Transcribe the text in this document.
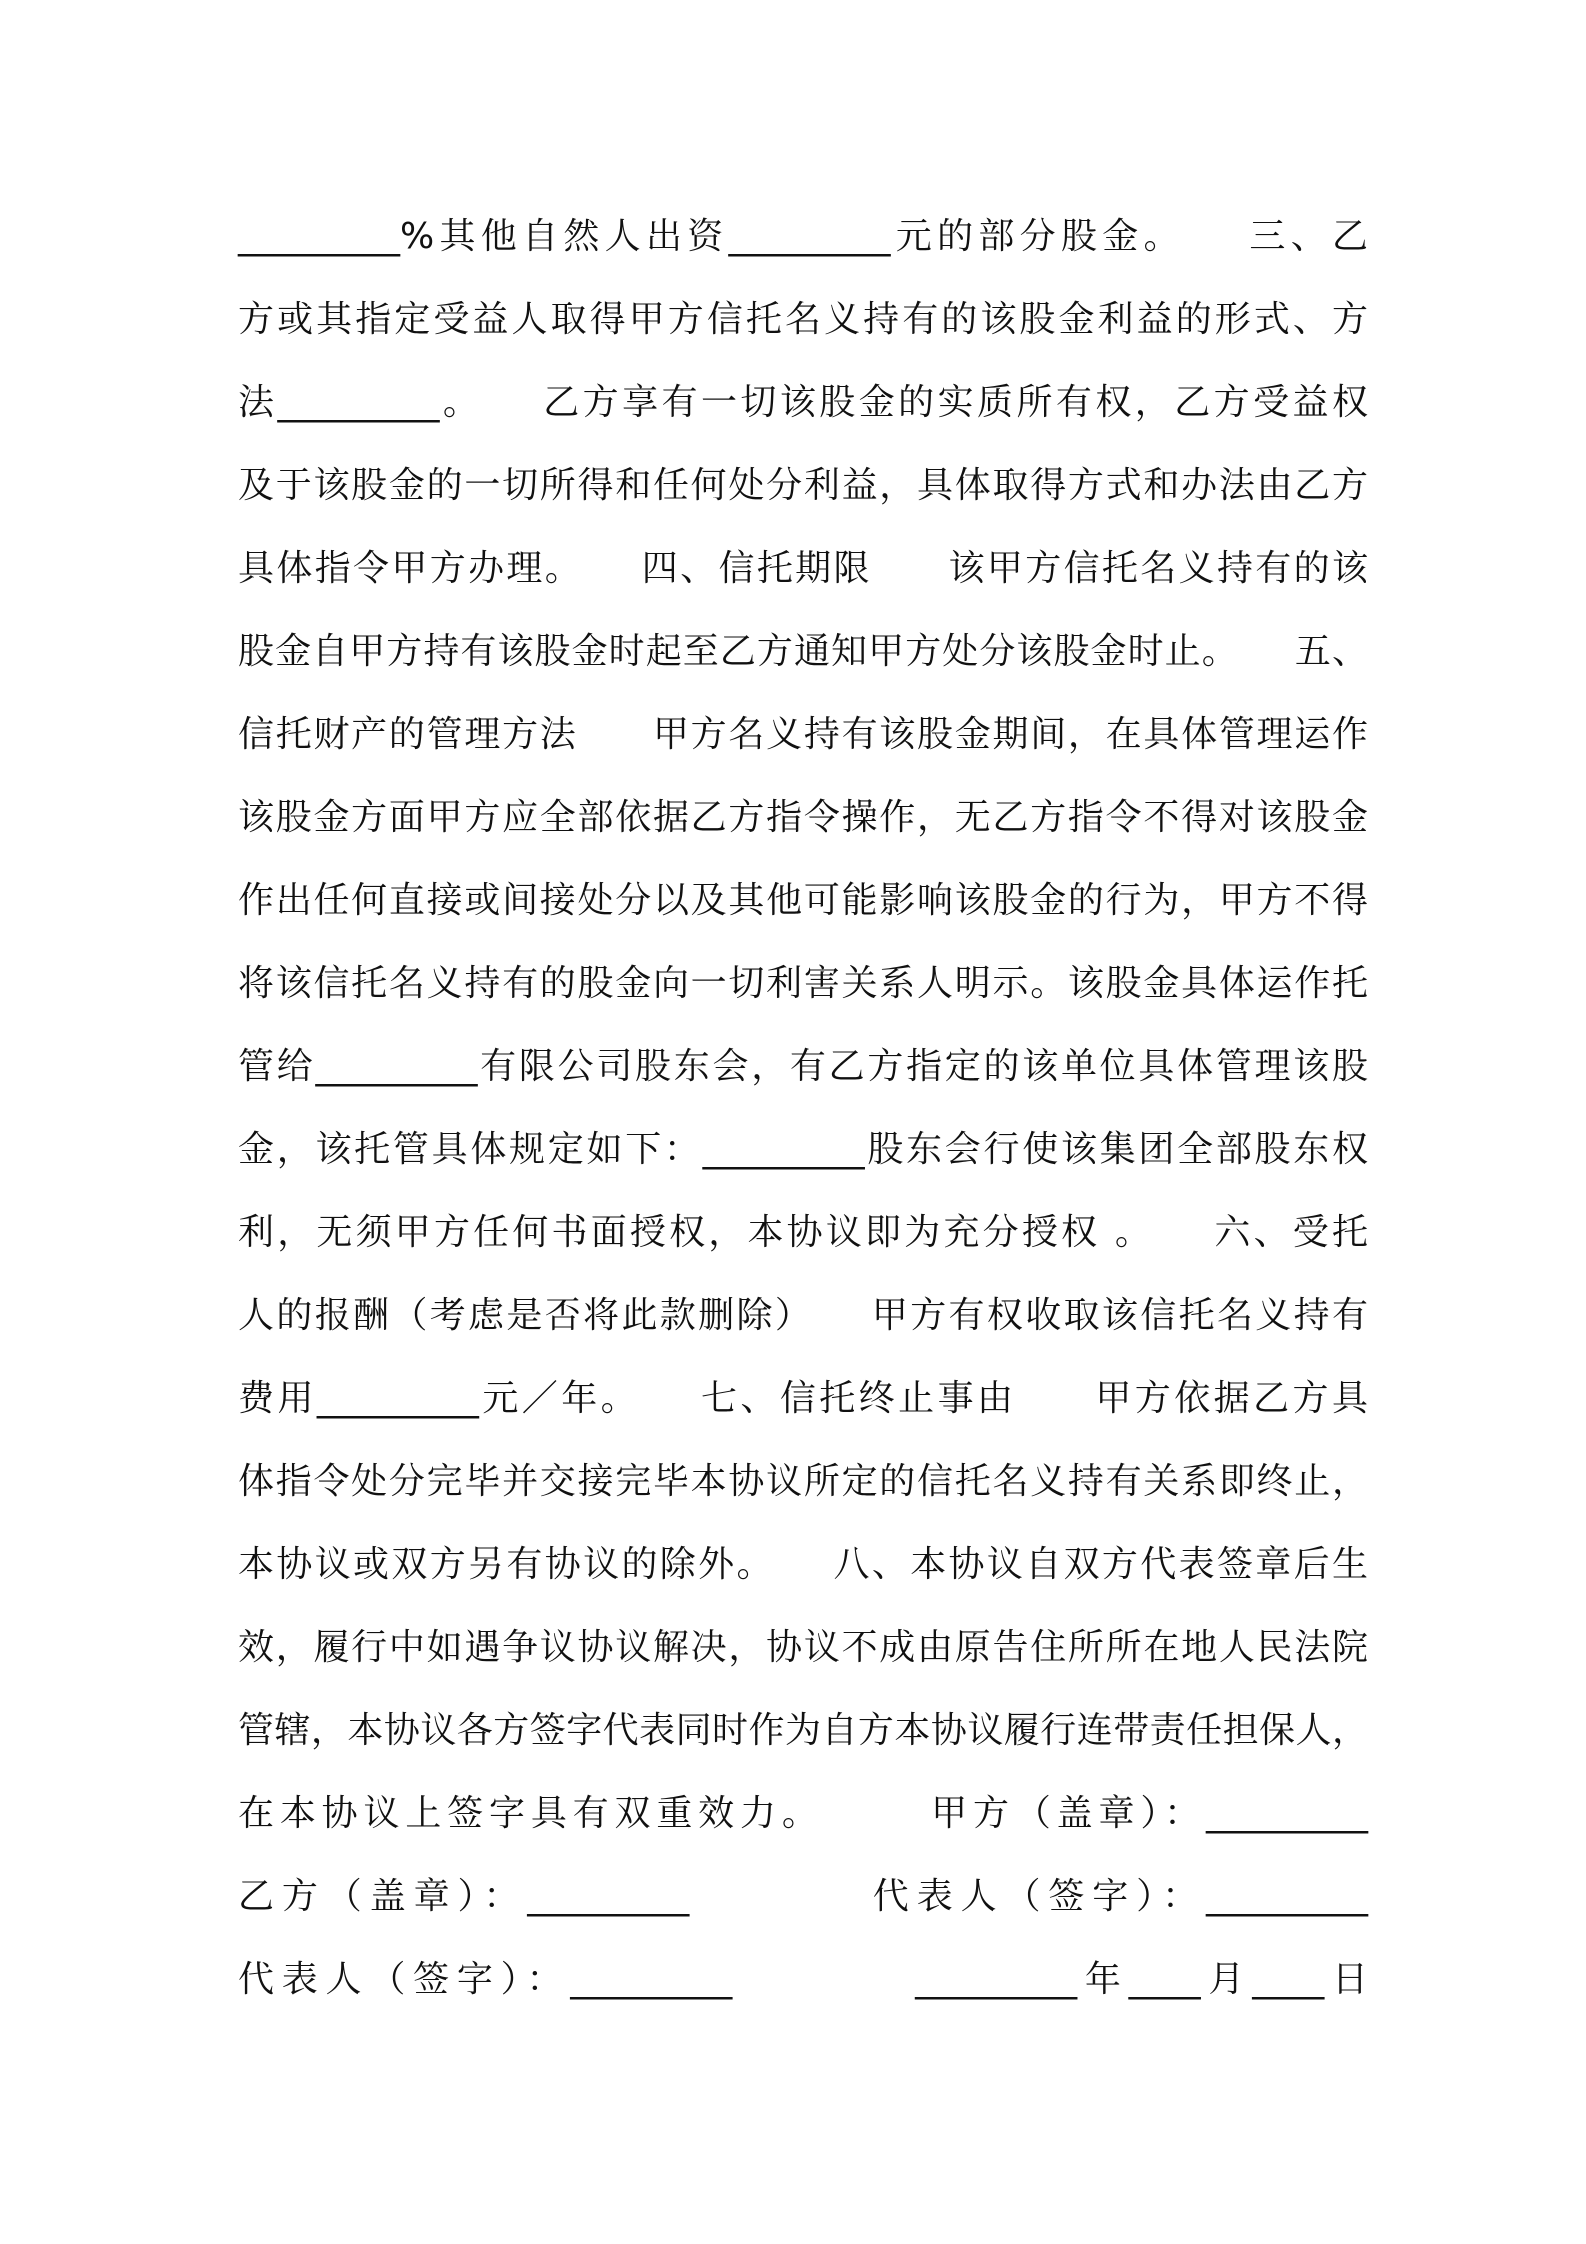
_________%其他自然人出资_________元的部分股金。　　三、乙
方或其指定受益人取得甲方信托名义持有的该股金利益的形式、方
法_________。　　乙方享有一切该股金的实质所有权，乙方受益权
及于该股金的一切所得和任何处分利益，具体取得方式和办法由乙方
具体指令甲方办理。　　四、信托期限　　该甲方信托名义持有的该
股金自甲方持有该股金时起至乙方通知甲方处分该股金时止。　　五、
信托财产的管理方法　　甲方名义持有该股金期间，在具体管理运作
该股金方面甲方应全部依据乙方指令操作，无乙方指令不得对该股金
作出任何直接或间接处分以及其他可能影响该股金的行为，甲方不得
将该信托名义持有的股金向一切利害关系人明示。该股金具体运作托
管给_________有限公司股东会，有乙方指定的该单位具体管理该股
金，该托管具体规定如下：_________股东会行使该集团全部股东权
利，无须甲方任何书面授权，本协议即为充分授权 。　　六、受托
人的报酬（考虑是否将此款删除）　　甲方有权收取该信托名义持有
费用_________元／年。　　七、信托终止事由　　甲方依据乙方具
体指令处分完毕并交接完毕本协议所定的信托名义持有关系即终止，
本协议或双方另有协议的除外。　　八、本协议自双方代表签章后生
效，履行中如遇争议协议解决，协议不成由原告住所所在地人民法院
管辖，本协议各方签字代表同时作为自方本协议履行连带责任担保人，
在本协议上签字具有双重效力。　　　甲方（盖章）：_________
乙方（盖章）：_________　　　　代表人（签字）：_________
代表人（签字）：_________　　　　_________年____月____日
